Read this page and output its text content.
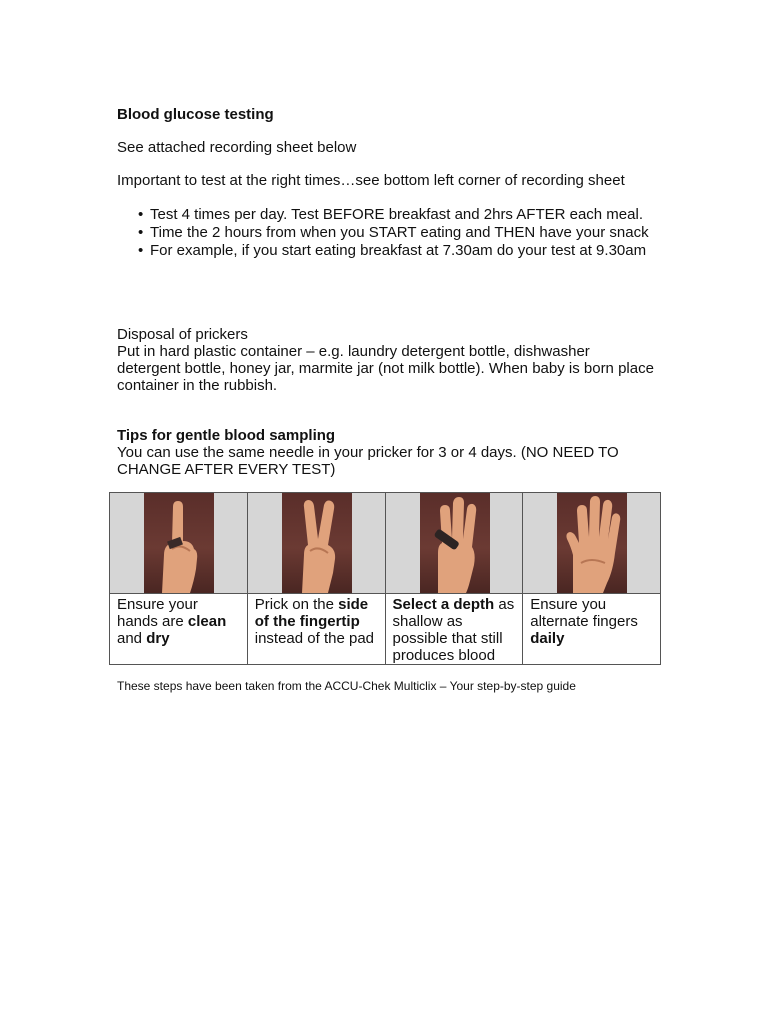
Blood glucose testing

See attached recording sheet below

Important to test at the right times…see bottom left corner of recording sheet

• Test 4 times per day. Test BEFORE breakfast and 2hrs AFTER each meal.
• Time the 2 hours from when you START eating and THEN have your snack
• For example, if you start eating breakfast at 7.30am do your test at 9.30am
Disposal of prickers
Put in hard plastic container – e.g. laundry detergent bottle, dishwasher detergent bottle, honey jar, marmite jar (not milk bottle). When baby is born place container in the rubbish.
Tips for gentle blood sampling
You can use the same needle in your pricker for 3 or 4 days. (NO NEED TO CHANGE AFTER EVERY TEST)

Ensure your hands are clean and dry	Prick on the side of the fingertip instead of the pad	Select a depth as shallow as possible that still produces blood	Ensure you alternate fingers daily

These steps have been taken from the ACCU-Chek Multiclix – Your step-by-step guide
